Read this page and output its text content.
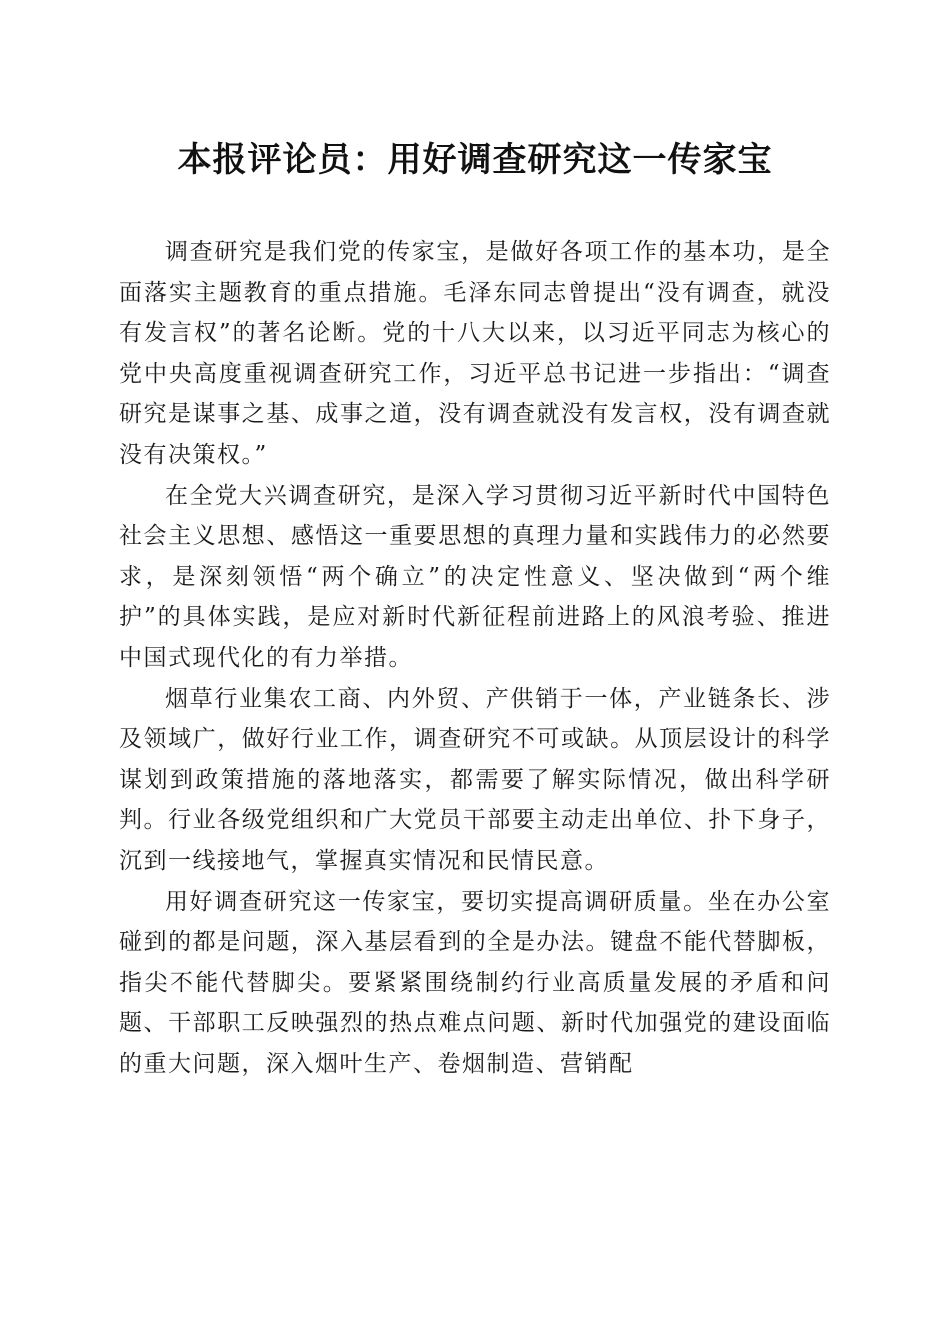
本报评论员：用好调查研究这一传家宝

调查研究是我们党的传家宝，是做好各项工作的基本功，是全面落实主题教育的重点措施。毛泽东同志曾提出“没有调查，就没有发言权”的著名论断。党的十八大以来，以习近平同志为核心的党中央高度重视调查研究工作，习近平总书记进一步指出：“调查研究是谋事之基、成事之道，没有调查就没有发言权，没有调查就没有决策权。”

在全党大兴调查研究，是深入学习贯彻习近平新时代中国特色社会主义思想、感悟这一重要思想的真理力量和实践伟力的必然要求，是深刻领悟“两个确立”的决定性意义、坚决做到“两个维护”的具体实践，是应对新时代新征程前进路上的风浪考验、推进中国式现代化的有力举措。

烟草行业集农工商、内外贸、产供销于一体，产业链条长、涉及领域广，做好行业工作，调查研究不可或缺。从顶层设计的科学谋划到政策措施的落地落实，都需要了解实际情况，做出科学研判。行业各级党组织和广大党员干部要主动走出单位、扑下身子，沉到一线接地气，掌握真实情况和民情民意。

用好调查研究这一传家宝，要切实提高调研质量。坐在办公室碰到的都是问题，深入基层看到的全是办法。键盘不能代替脚板，指尖不能代替脚尖。要紧紧围绕制约行业高质量发展的矛盾和问题、干部职工反映强烈的热点难点问题、新时代加强党的建设面临的重大问题，深入烟叶生产、卷烟制造、营销配
